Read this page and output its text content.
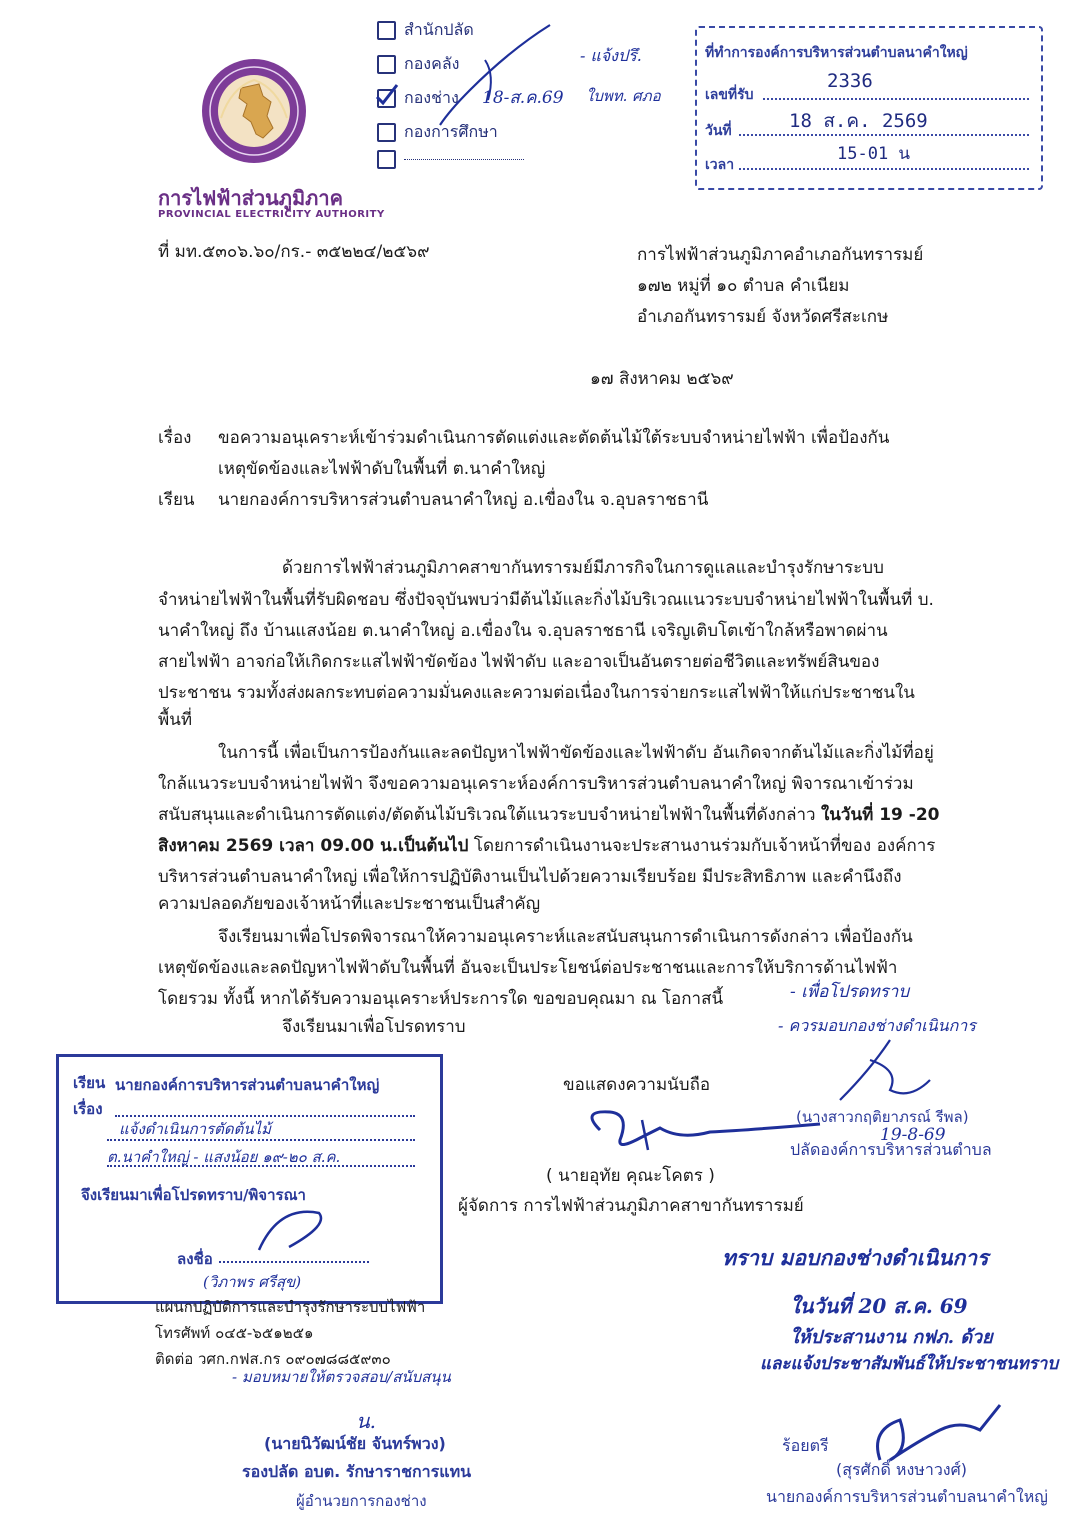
การไฟฟ้าส่วนภูมิภาค
PROVINCIAL ELECTRICITY AUTHORITY
สำนักปลัด
กองคลัง
กองช่าง
กองการศึกษา
- แจ้งปรึ.
18-ส.ค.69 ใบพท. ศภอ
ที่ทำการองค์การบริหารส่วนตำบลนาคำใหญ่
เลขที่รับ
2336
วันที่	18 ส.ค. 2569
เวลา
15-01 น
ที่ มท.๕๓๐๖.๖๐/กร.- ๓๕๒๒๔/๒๕๖๙	การไฟฟ้าส่วนภูมิภาคอำเภอกันทรารมย์
๑๗๒ หมู่ที่ ๑๐ ตำบล คำเนียม
อำเภอกันทรารมย์ จังหวัดศรีสะเกษ
๑๗ สิงหาคม ๒๕๖๙
เรื่อง ขอความอนุเคราะห์เข้าร่วมดำเนินการตัดแต่งและตัดต้นไม้ใต้ระบบจำหน่ายไฟฟ้า เพื่อป้องกัน
เหตุขัดข้องและไฟฟ้าดับในพื้นที่ ต.นาคำใหญ่
เรียน นายกองค์การบริหารส่วนตำบลนาคำใหญ่ อ.เขื่องใน จ.อุบลราชธานี
ด้วยการไฟฟ้าส่วนภูมิภาคสาขากันทรารมย์มีภารกิจในการดูแลและบำรุงรักษาระบบ
จำหน่ายไฟฟ้าในพื้นที่รับผิดชอบ ซึ่งปัจจุบันพบว่ามีต้นไม้และกิ่งไม้บริเวณแนวระบบจำหน่ายไฟฟ้าในพื้นที่ บ.
นาคำใหญ่ ถึง บ้านแสงน้อย ต.นาคำใหญ่ อ.เขื่องใน จ.อุบลราชธานี เจริญเติบโตเข้าใกล้หรือพาดผ่าน
สายไฟฟ้า อาจก่อให้เกิดกระแสไฟฟ้าขัดข้อง ไฟฟ้าดับ และอาจเป็นอันตรายต่อชีวิตและทรัพย์สินของ
ประชาชน รวมทั้งส่งผลกระทบต่อความมั่นคงและความต่อเนื่องในการจ่ายกระแสไฟฟ้าให้แก่ประชาชนใน
พื้นที่
ในการนี้ เพื่อเป็นการป้องกันและลดปัญหาไฟฟ้าขัดข้องและไฟฟ้าดับ อันเกิดจากต้นไม้และกิ่งไม้ที่อยู่
ใกล้แนวระบบจำหน่ายไฟฟ้า จึงขอความอนุเคราะห์องค์การบริหารส่วนตำบลนาคำใหญ่ พิจารณาเข้าร่วม
สนับสนุนและดำเนินการตัดแต่ง/ตัดต้นไม้บริเวณใต้แนวระบบจำหน่ายไฟฟ้าในพื้นที่ดังกล่าว ในวันที่ 19 -20
สิงหาคม 2569 เวลา 09.00 น.เป็นต้นไป โดยการดำเนินงานจะประสานงานร่วมกับเจ้าหน้าที่ของ องค์การ
บริหารส่วนตำบลนาคำใหญ่ เพื่อให้การปฏิบัติงานเป็นไปด้วยความเรียบร้อย มีประสิทธิภาพ และคำนึงถึง
ความปลอดภัยของเจ้าหน้าที่และประชาชนเป็นสำคัญ
จึงเรียนมาเพื่อโปรดพิจารณาให้ความอนุเคราะห์และสนับสนุนการดำเนินการดังกล่าว เพื่อป้องกัน
เหตุขัดข้องและลดปัญหาไฟฟ้าดับในพื้นที่ อันจะเป็นประโยชน์ต่อประชาชนและการให้บริการด้านไฟฟ้า
โดยรวม ทั้งนี้ หากได้รับความอนุเคราะห์ประการใด ขอขอบคุณมา ณ โอกาสนี้
จึงเรียนมาเพื่อโปรดทราบ
ขอแสดงความนับถือ
( นายอุทัย คุณะโคตร )
ผู้จัดการ การไฟฟ้าส่วนภูมิภาคสาขากันทรารมย์
- เพื่อโปรดทราบ
- ควรมอบกองช่างดำเนินการ
(นางสาวกฤติยาภรณ์ รีพล)
19-8-69
ปลัดองค์การบริหารส่วนตำบล
ทราบ มอบกองช่างดำเนินการ
ในวันที่ 20 ส.ค. 69
ให้ประสานงาน กฟภ. ด้วย
และแจ้งประชาสัมพันธ์ให้ประชาชนทราบ
ร้อยตรี
(สุรศักดิ์ หงษาวงศ์)
นายกองค์การบริหารส่วนตำบลนาคำใหญ่
เรียน นายกองค์การบริหารส่วนตำบลนาคำใหญ่
เรื่อง
แจ้งดำเนินการตัดต้นไม้
ต.นาคำใหญ่ - แสงน้อย ๑๙-๒๐ ส.ค.
จึงเรียนมาเพื่อโปรดทราบ/พิจารณา
ลงชื่อ
(วิภาพร ศรีสุข)
แผนกปฏิบัติการและบำรุงรักษาระบบไฟฟ้า
โทรศัพท์ ๐๔๕-๖๕๑๒๕๑
ติดต่อ วศก.กฟส.กร ๐๙๐๗๘๘๕๙๓๐
- มอบหมายให้ตรวจสอบ/สนับสนุน
น.
(นายนิวัฒน์ชัย จันทร์พวง)
รองปลัด อบต. รักษาราชการแทน
ผู้อำนวยการกองช่าง
